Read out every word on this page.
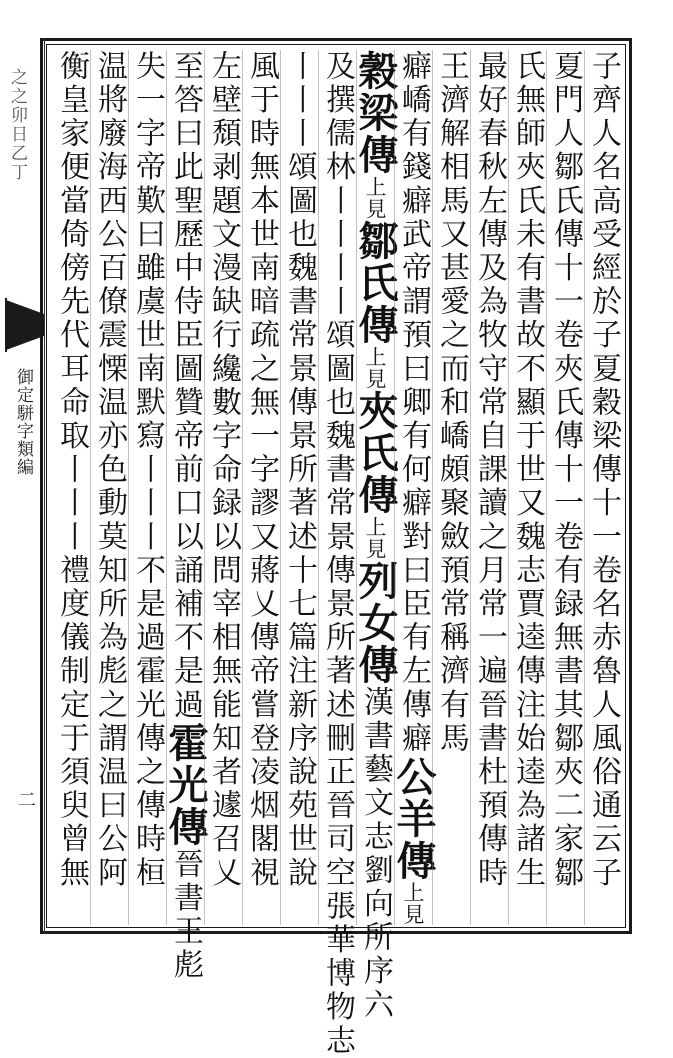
之之卯日乙丁
御定駢字類編
二	子齊人名高受經於子夏穀梁傳十一卷名赤魯人風俗通云子
夏門人鄒氏傳十一卷夾氏傳十一卷有録無書其鄒夾二家鄒
氏無師夾氏未有書故不顯于世又魏志賈逵傳注始逵為諸生
最好春秋左傳及為牧守常自課讀之月常一遍晉書杜預傳時
王濟解相馬又甚愛之而和嶠頗聚斂預常稱濟有馬
癖嶠有錢癖武帝謂預曰卿有何癖對曰臣有左傳癖公羊傳上見
穀梁傳上見鄒氏傳上見夾氏傳上見列女傳漢書藝文志劉向所序六
及撰儒林丨丨丨丨頌圖也魏書常景傳景所著述刪正晉司空張華博物志
丨丨丨頌圖也魏書常景傳景所著述十七篇注新序說苑世說
風于時無本世南暗疏之無一字謬又蔣乂傳帝嘗登凌烟閣視
左壁頹剥題文漫缺行纔數字命録以問宰相無能知者遽召乂
至答曰此聖歷中侍臣圖贊帝前口以誦補不是過霍光傳晉書王彪
失一字帝歎曰雖虞世南默寫丨丨丨不是過霍光傳之傳時桓
温將廢海西公百僚震慄温亦色動莫知所為彪之謂温曰公阿
衡皇家便當倚傍先代耳命取丨丨丨禮度儀制定于須臾曾無
